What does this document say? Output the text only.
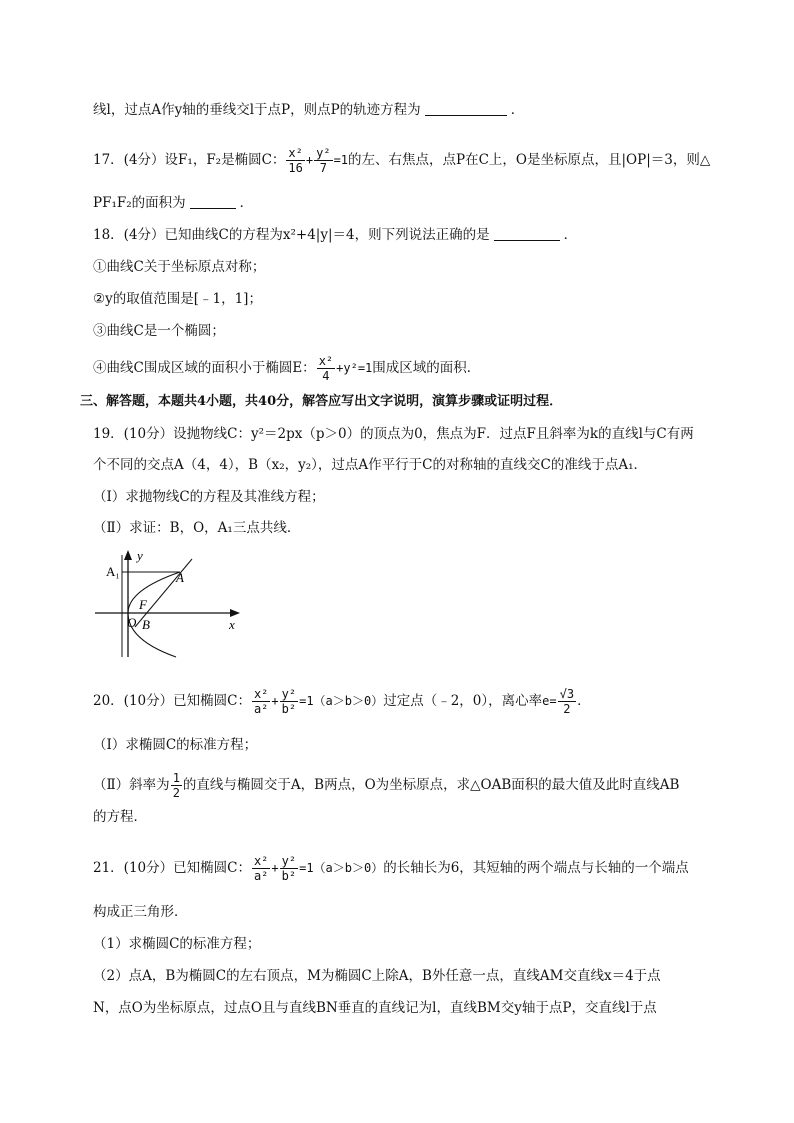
线l，过点A作y轴的垂线交l于点P，则点P的轨迹方程为	．
17．(4分）设F₁，F₂是椭圆C： $\frac{\text{x²}}{16} + \frac{\text{y²}}{7} =1$的左、右焦点，点P在C上，O是坐标原点，且|OP|＝3，则△
PF₁F₂的面积为	．
18．(4分）已知曲线C的方程为x²+4|y|＝4，则下列说法正确的是	．
①曲线C关于坐标原点对称；
②y的取值范围是[﹣1，1]；
③曲线C是一个椭圆；
④曲线C围成区域的面积小于椭圆E： $\frac{\text{x²}}{4} +y^2=1$围成区域的面积．
三、解答题，本题共4小题，共40分，解答应写出文字说明，演算步骤或证明过程．
19．(10分）设抛物线C：y²＝2px（p＞0）的顶点为0，焦点为F．过点F且斜率为k的直线l与C有两
个不同的交点A（4，4），B（x₂，y₂），过点A作平行于C的对称轴的直线交C的准线于点A₁．
（Ⅰ）求抛物线C的方程及其准线方程；
（Ⅱ）求证：B，O，A₁三点共线．
A₁
y
A
F
O B	x
20．(10分）已知椭圆C： $\frac{\text{x²}}{\text{a²}} + \frac{\text{y²}}{\text{b²}} =1(a>b>0)$过定点（﹣2，0），离心率$e= \frac{√3}{2}$ ．
（Ⅰ）求椭圆C的标准方程；
（Ⅱ）斜率为 $\frac{1}{2}$ 的直线与椭圆交于A，B两点，O为坐标原点，求△OAB面积的最大值及此时直线AB
的方程．
21．(10分）已知椭圆C： $\frac{\text{x²}}{\text{a²}} + \frac{\text{y²}}{\text{b²}} =1(a>b>0)$的长轴长为6，其短轴的两个端点与长轴的一个端点
构成正三角形．
（1）求椭圆C的标准方程；
（2）点A，B为椭圆C的左右顶点，M为椭圆C上除A，B外任意一点，直线AM交直线x＝4于点
N，点O为坐标原点，过点O且与直线BN垂直的直线记为l，直线BM交y轴于点P，交直线l于点
